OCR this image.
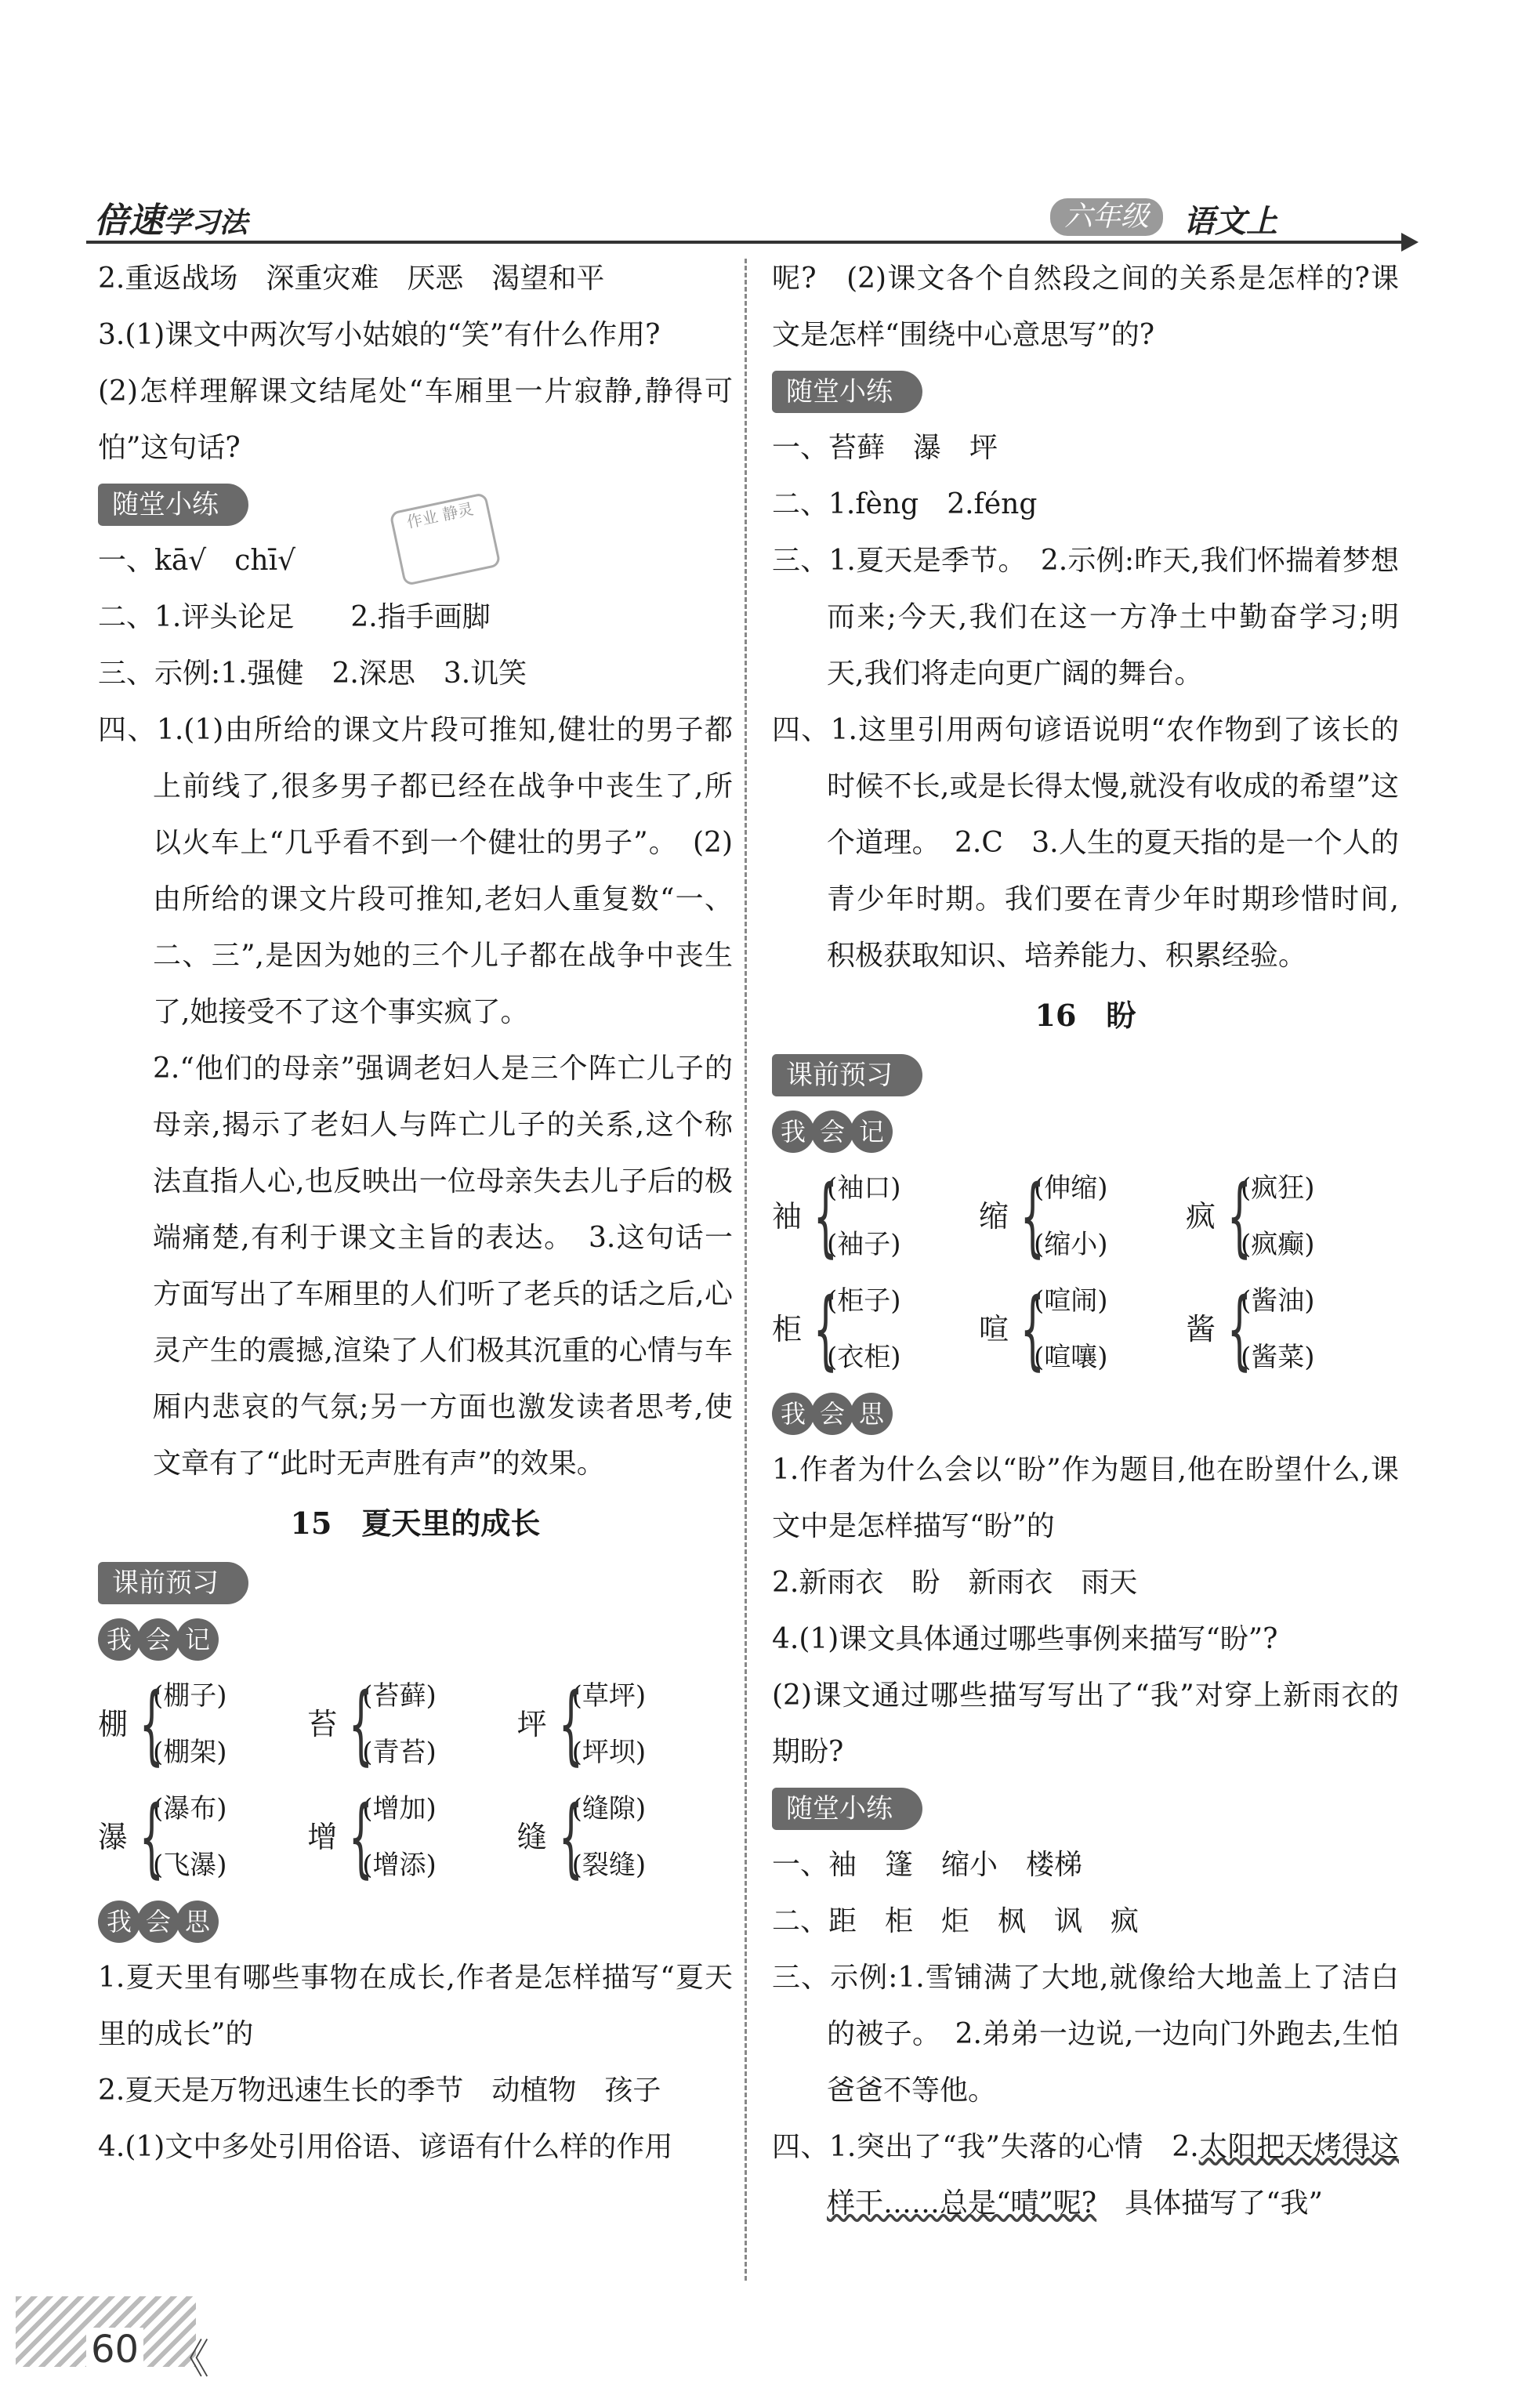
倍速学习法	六年级	语文上

2.重返战场　深重灾难　厌恶　渴望和平

3.(1)课文中两次写小姑娘的“笑”有什么作用?

(2)怎样理解课文结尾处“车厢里一片寂静,静得可怕”这句话?

随堂小练

一、kā√　chī√

二、1.评头论足　　2.指手画脚

三、示例:1.强健　2.深思　3.讥笑

四、1.(1)由所给的课文片段可推知,健壮的男子都上前线了,很多男子都已经在战争中丧生了,所以火车上“几乎看不到一个健壮的男子”。　(2)由所给的课文片段可推知,老妇人重复数“一、二、三”,是因为她的三个儿子都在战争中丧生了,她接受不了这个事实疯了。

2.“他们的母亲”强调老妇人是三个阵亡儿子的母亲,揭示了老妇人与阵亡儿子的关系,这个称法直指人心,也反映出一位母亲失去儿子后的极端痛楚,有利于课文主旨的表达。　3.这句话一方面写出了车厢里的人们听了老兵的话之后,心灵产生的震撼,渲染了人们极其沉重的心情与车厢内悲哀的气氛;另一方面也激发读者思考,使文章有了“此时无声胜有声”的效果。

15　夏天里的成长
课前预习

我 会 记
棚 {
(棚子)
(棚架)
苔 {
(苔藓)
(青苔)
坪 {
(草坪)
(坪坝)
瀑 {
(瀑布)
(飞瀑)
增 {
(增加)
(增添)
缝 {
(缝隙)
(裂缝)
我 会 思

1.夏天里有哪些事物在成长,作者是怎样描写“夏天里的成长”的

2.夏天是万物迅速生长的季节　动植物　孩子

4.(1)文中多处引用俗语、谚语有什么样的作用

作业 静灵

呢?　(2)课文各个自然段之间的关系是怎样的?课文是怎样“围绕中心意思写”的?

随堂小练

一、苔藓　瀑　坪

二、1.fèng　2.féng

三、1.夏天是季节。　2.示例:昨天,我们怀揣着梦想而来;今天,我们在这一方净土中勤奋学习;明天,我们将走向更广阔的舞台。

四、1.这里引用两句谚语说明“农作物到了该长的时候不长,或是长得太慢,就没有收成的希望”这个道理。　2.C　3.人生的夏天指的是一个人的青少年时期。我们要在青少年时期珍惜时间,积极获取知识、培养能力、积累经验。

16　盼
课前预习

我 会 记
袖 {
(袖口)
(袖子)
缩 {
(伸缩)
(缩小)
疯 {
(疯狂)
(疯癫)
柜 {
(柜子)
(衣柜)
喧 {
(喧闹)
(喧嚷)
酱 {
(酱油)
(酱菜)
我 会 思

1.作者为什么会以“盼”作为题目,他在盼望什么,课文中是怎样描写“盼”的

2.新雨衣　盼　新雨衣　雨天

4.(1)课文具体通过哪些事例来描写“盼”?

(2)课文通过哪些描写写出了“我”对穿上新雨衣的期盼?

随堂小练

一、袖　篷　缩小　楼梯

二、距　柜　炬　枫　讽　疯

三、示例:1.雪铺满了大地,就像给大地盖上了洁白的被子。　2.弟弟一边说,一边向门外跑去,生怕爸爸不等他。

四、1.突出了“我”失落的心情　2.太阳把天烤得这样干……总是“晴”呢?　具体描写了“我”

60 《
